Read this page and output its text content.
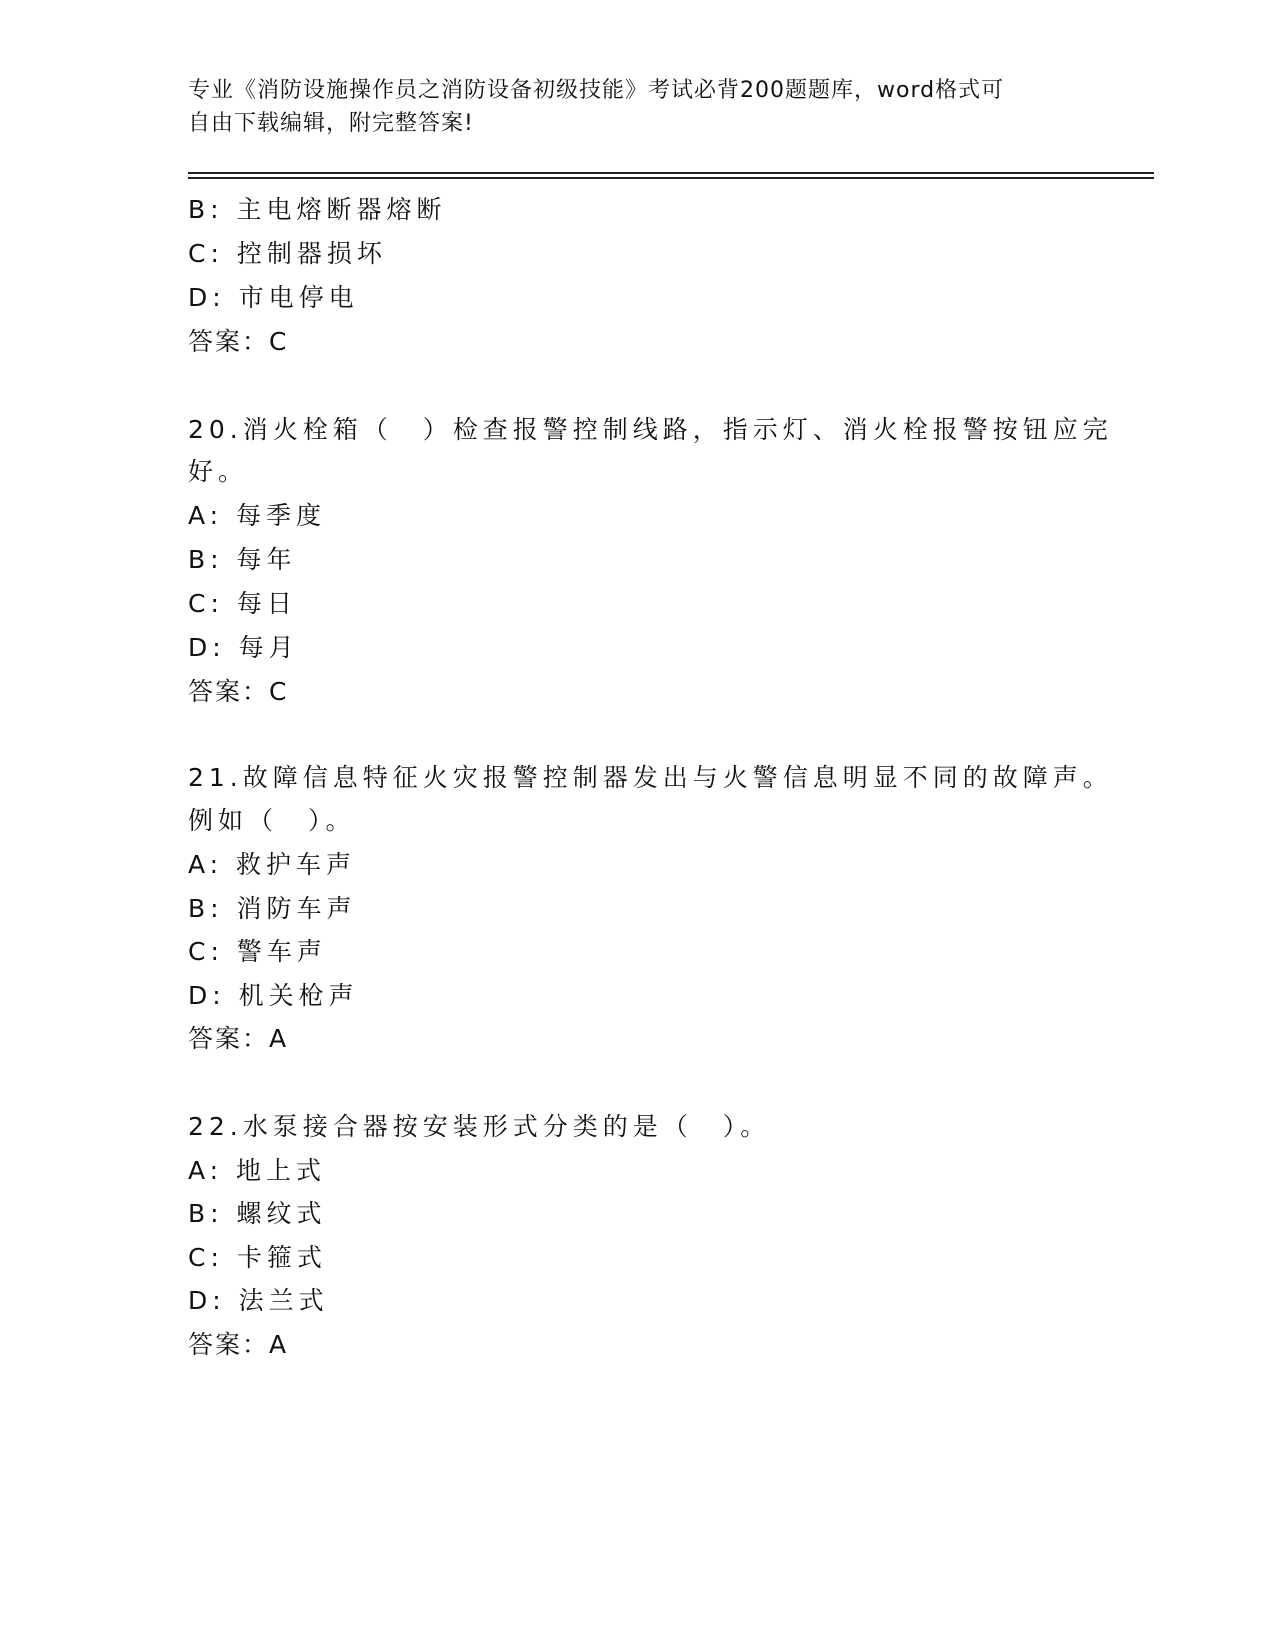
专业《消防设施操作员之消防设备初级技能》考试必背200题题库，word格式可
自由下载编辑，附完整答案!
B: 主电熔断器熔断
C: 控制器损坏
D: 市电停电
答案：C
20.消火栓箱（　）检查报警控制线路，指示灯、消火栓报警按钮应完
好。
A: 每季度
B: 每年
C: 每日
D: 每月
答案：C
21.故障信息特征火灾报警控制器发出与火警信息明显不同的故障声。
例如（　）。
A: 救护车声
B: 消防车声
C: 警车声
D: 机关枪声
答案：A
22.水泵接合器按安装形式分类的是（　）。
A: 地上式
B: 螺纹式
C: 卡箍式
D: 法兰式
答案：A
